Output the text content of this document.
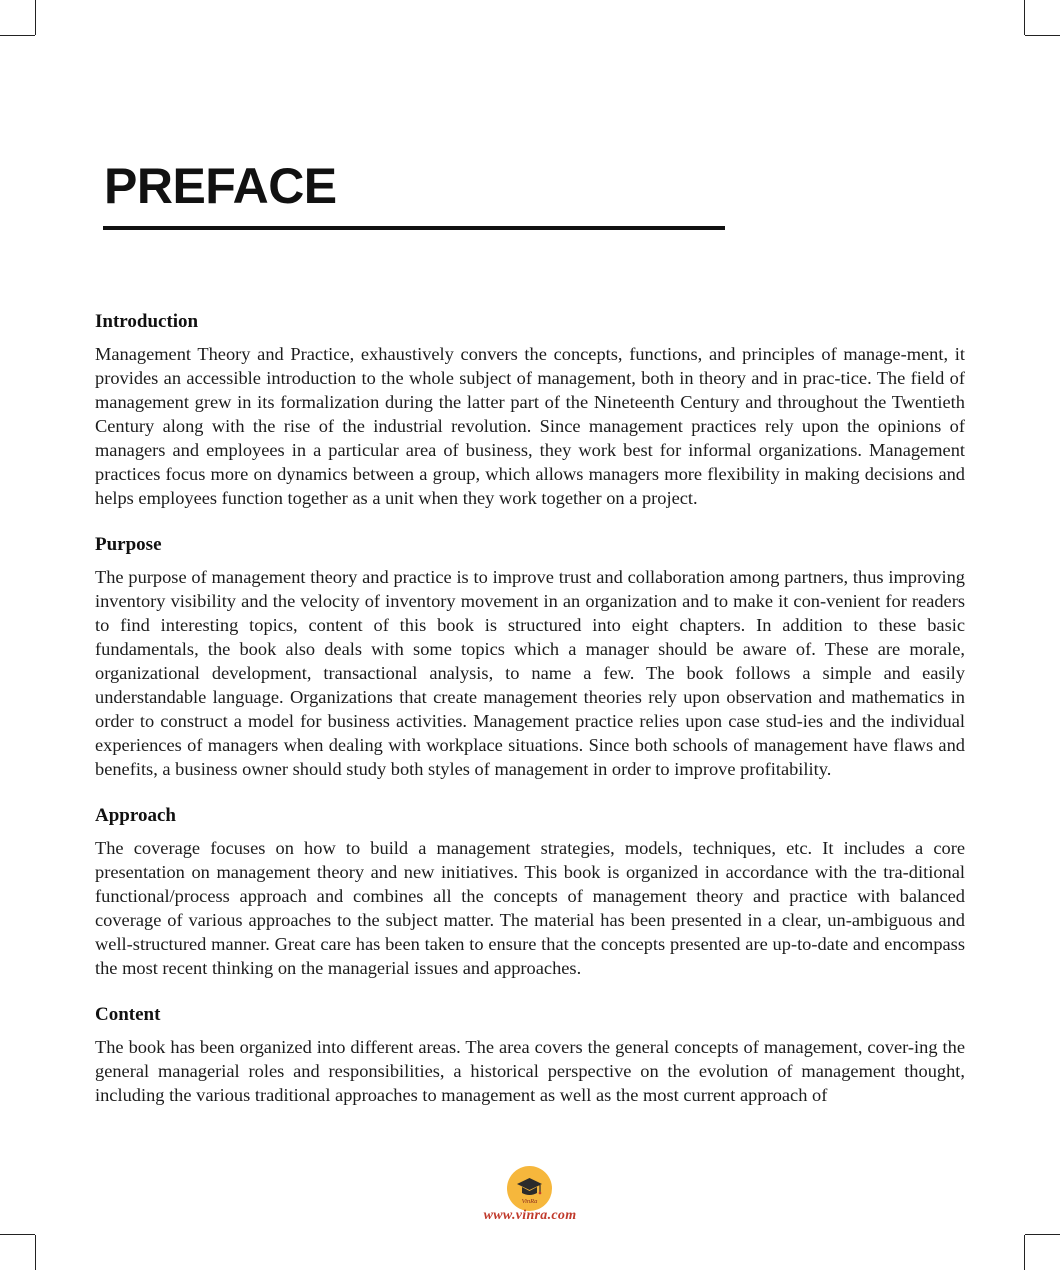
PREFACE
Introduction

Management Theory and Practice, exhaustively convers the concepts, functions, and principles of manage-ment, it provides an accessible introduction to the whole subject of management, both in theory and in prac-tice. The field of management grew in its formalization during the latter part of the Nineteenth Century and throughout the Twentieth Century along with the rise of the industrial revolution. Since management practices rely upon the opinions of managers and employees in a particular area of business, they work best for informal organizations. Management practices focus more on dynamics between a group, which allows managers more flexibility in making decisions and helps employees function together as a unit when they work together on a project.

Purpose

The purpose of management theory and practice is to improve trust and collaboration among partners, thus improving inventory visibility and the velocity of inventory movement in an organization and to make it con-venient for readers to find interesting topics, content of this book is structured into eight chapters. In addition to these basic fundamentals, the book also deals with some topics which a manager should be aware of. These are morale, organizational development, transactional analysis, to name a few. The book follows a simple and easily understandable language. Organizations that create management theories rely upon observation and mathematics in order to construct a model for business activities. Management practice relies upon case stud-ies and the individual experiences of managers when dealing with workplace situations. Since both schools of management have flaws and benefits, a business owner should study both styles of management in order to improve profitability.

Approach

The coverage focuses on how to build a management strategies, models, techniques, etc. It includes a core presentation on management theory and new initiatives. This book is organized in accordance with the tra-ditional functional/process approach and combines all the concepts of management theory and practice with balanced coverage of various approaches to the subject matter. The material has been presented in a clear, un-ambiguous and well-structured manner. Great care has been taken to ensure that the concepts presented are up-to-date and encompass the most recent thinking on the managerial issues and approaches.

Content

The book has been organized into different areas. The area covers the general concepts of management, cover-ing the general managerial roles and responsibilities, a historical perspective on the evolution of management thought, including the various traditional approaches to management as well as the most current approach of

VinRa
www.vinra.com
